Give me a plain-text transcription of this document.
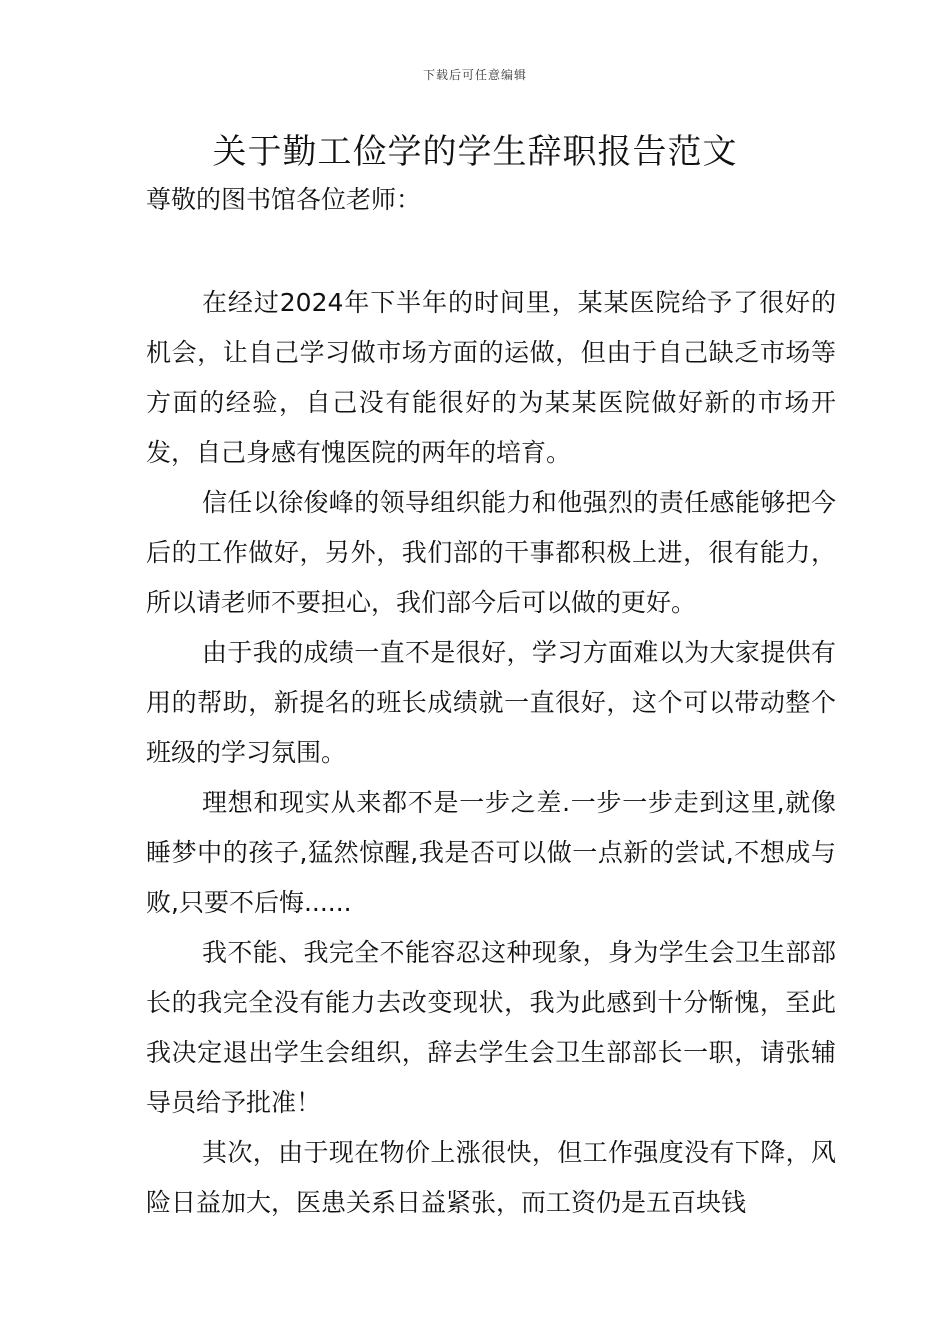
下载后可任意编辑
关于勤工俭学的学生辞职报告范文

尊敬的图书馆各位老师：

在经过2024年下半年的时间里，某某医院给予了很好的机会，让自己学习做市场方面的运做，但由于自己缺乏市场等方面的经验，自己没有能很好的为某某医院做好新的市场开发，自己身感有愧医院的两年的培育。

信任以徐俊峰的领导组织能力和他强烈的责任感能够把今后的工作做好，另外，我们部的干事都积极上进，很有能力，所以请老师不要担心，我们部今后可以做的更好。

由于我的成绩一直不是很好，学习方面难以为大家提供有用的帮助，新提名的班长成绩就一直很好，这个可以带动整个班级的学习氛围。

理想和现实从来都不是一步之差.一步一步走到这里,就像睡梦中的孩子,猛然惊醒,我是否可以做一点新的尝试,不想成与败,只要不后悔......

我不能、我完全不能容忍这种现象，身为学生会卫生部部长的我完全没有能力去改变现状，我为此感到十分惭愧，至此我决定退出学生会组织，辞去学生会卫生部部长一职，请张辅导员给予批准！

其次，由于现在物价上涨很快，但工作强度没有下降，风险日益加大，医患关系日益紧张，而工资仍是五百块钱
